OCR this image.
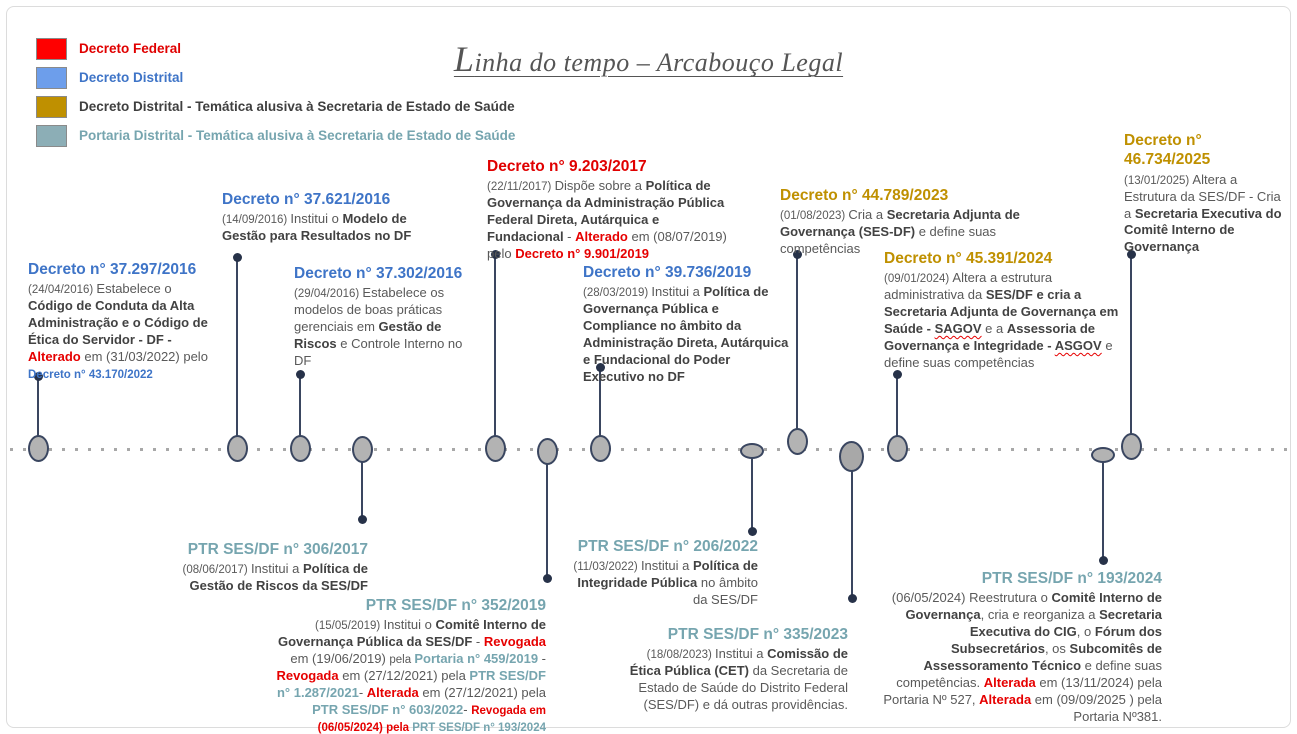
Linha do tempo – Arcabouço Legal
Decreto Federal
Decreto Distrital
Decreto Distrital - Temática alusiva à Secretaria de Estado de Saúde
Portaria Distrital - Temática alusiva à Secretaria de Estado de Saúde
Decreto n° 37.297/2016
(24/04/2016) Estabelece o Código de Conduta da Alta Administração e o Código de Ética do Servidor - DF - Alterado em (31/03/2022) pelo Decreto n° 43.170/2022
Decreto n° 37.621/2016
(14/09/2016) Institui o Modelo de Gestão para Resultados no DF
Decreto n° 37.302/2016
(29/04/2016) Estabelece os modelos de boas práticas gerenciais em Gestão de Riscos e Controle Interno no DF
Decreto n° 9.203/2017
(22/11/2017) Dispõe sobre a Política de Governança da Administração Pública Federal Direta, Autárquica e Fundacional - Alterado em (08/07/2019) pelo Decreto n° 9.901/2019
Decreto n° 39.736/2019
(28/03/2019) Institui a Política de Governança Pública e Compliance no âmbito da Administração Direta, Autárquica e Fundacional do Poder Executivo no DF
Decreto n° 44.789/2023
(01/08/2023) Cria a Secretaria Adjunta de Governança (SES-DF) e define suas competências
Decreto n° 45.391/2024
(09/01/2024) Altera a estrutura administrativa da SES/DF e cria a Secretaria Adjunta de Governança em Saúde - SAGOV e a Assessoria de Governança e Integridade - ASGOV e define suas competências
Decreto n° 46.734/2025
(13/01/2025) Altera a Estrutura da SES/DF - Cria a Secretaria Executiva do Comitê Interno de Governança
PTR SES/DF n° 306/2017
(08/06/2017) Institui a Política de Gestão de Riscos da SES/DF
PTR SES/DF n° 352/2019
(15/05/2019) Institui o Comitê Interno de Governança Pública da SES/DF - Revogada em (19/06/2019) pela Portaria n° 459/2019 - Revogada em (27/12/2021) pela PTR SES/DF n° 1.287/2021- Alterada em (27/12/2021) pela PTR SES/DF n° 603/2022- Revogada em (06/05/2024) pela PRT SES/DF n° 193/2024
PTR SES/DF n° 206/2022
(11/03/2022) Institui a Política de Integridade Pública no âmbito da SES/DF
PTR SES/DF n° 335/2023
(18/08/2023) Institui a Comissão de Ética Pública (CET) da Secretaria de Estado de Saúde do Distrito Federal (SES/DF) e dá outras providências.
PTR SES/DF n° 193/2024
(06/05/2024) Reestrutura o Comitê Interno de Governança, cria e reorganiza a Secretaria Executiva do CIG, o Fórum dos Subsecretários, os Subcomitês de Assessoramento Técnico e define suas competências. Alterada em (13/11/2024) pela Portaria Nº 527, Alterada em (09/09/2025 ) pela Portaria Nº381.
